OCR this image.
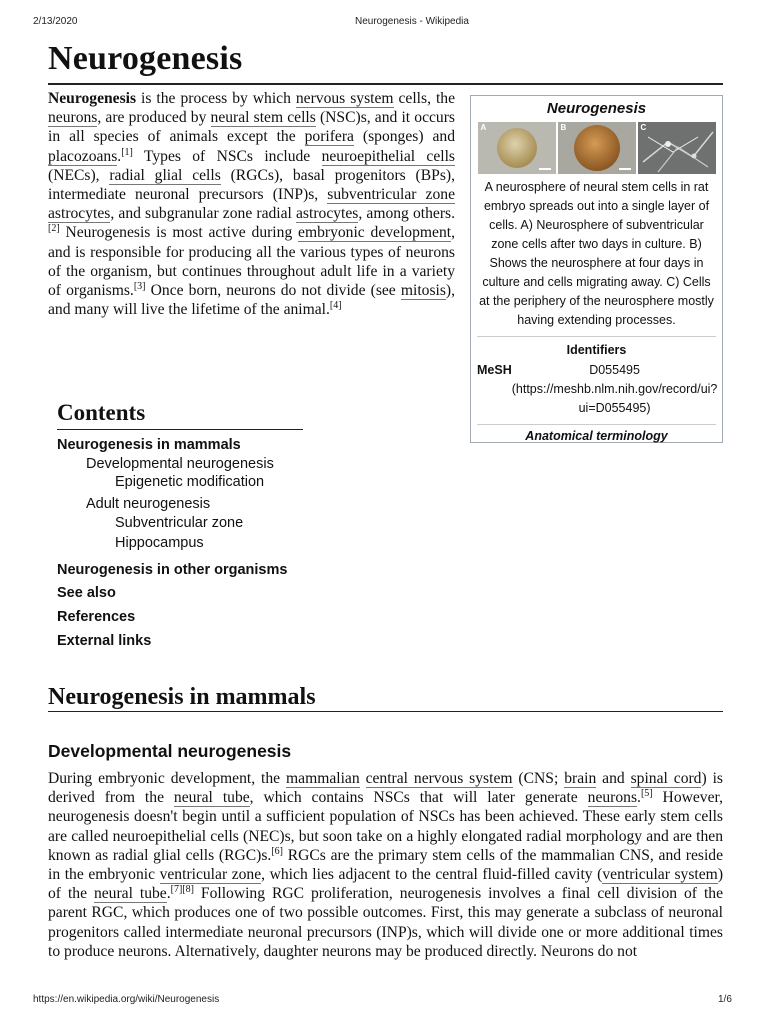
2/13/2020	Neurogenesis - Wikipedia
Neurogenesis
Neurogenesis is the process by which nervous system cells, the neurons, are produced by neural stem cells (NSC)s, and it occurs in all species of animals except the porifera (sponges) and placozoans.[1] Types of NSCs include neuroepithelial cells (NECs), radial glial cells (RGCs), basal progenitors (BPs), intermediate neuronal precursors (INP)s, subventricular zone astrocytes, and subgranular zone radial astrocytes, among others.[2] Neurogenesis is most active during embryonic development, and is responsible for producing all the various types of neurons of the organism, but continues throughout adult life in a variety of organisms.[3] Once born, neurons do not divide (see mitosis), and many will live the lifetime of the animal.[4]
Neurogenesis
A	B	C
A neurosphere of neural stem cells in rat embryo spreads out into a single layer of cells. A) Neurosphere of subventricular zone cells after two days in culture. B) Shows the neurosphere at four days in culture and cells migrating away. C) Cells at the periphery of the neurosphere mostly having extending processes.
Identifiers
MeSH	D055495 (https://meshb.nlm.nih.gov/record/ui?ui=D055495)
Anatomical terminology
Contents
Neurogenesis in mammals
Developmental neurogenesis
Epigenetic modification
Adult neurogenesis
Subventricular zone
Hippocampus
Neurogenesis in other organisms
See also
References
External links
Neurogenesis in mammals
Developmental neurogenesis
During embryonic development, the mammalian central nervous system (CNS; brain and spinal cord) is derived from the neural tube, which contains NSCs that will later generate neurons.[5] However, neurogenesis doesn't begin until a sufficient population of NSCs has been achieved. These early stem cells are called neuroepithelial cells (NEC)s, but soon take on a highly elongated radial morphology and are then known as radial glial cells (RGC)s.[6] RGCs are the primary stem cells of the mammalian CNS, and reside in the embryonic ventricular zone, which lies adjacent to the central fluid-filled cavity (ventricular system) of the neural tube.[7][8] Following RGC proliferation, neurogenesis involves a final cell division of the parent RGC, which produces one of two possible outcomes. First, this may generate a subclass of neuronal progenitors called intermediate neuronal precursors (INP)s, which will divide one or more additional times to produce neurons. Alternatively, daughter neurons may be produced directly. Neurons do not
https://en.wikipedia.org/wiki/Neurogenesis	1/6
